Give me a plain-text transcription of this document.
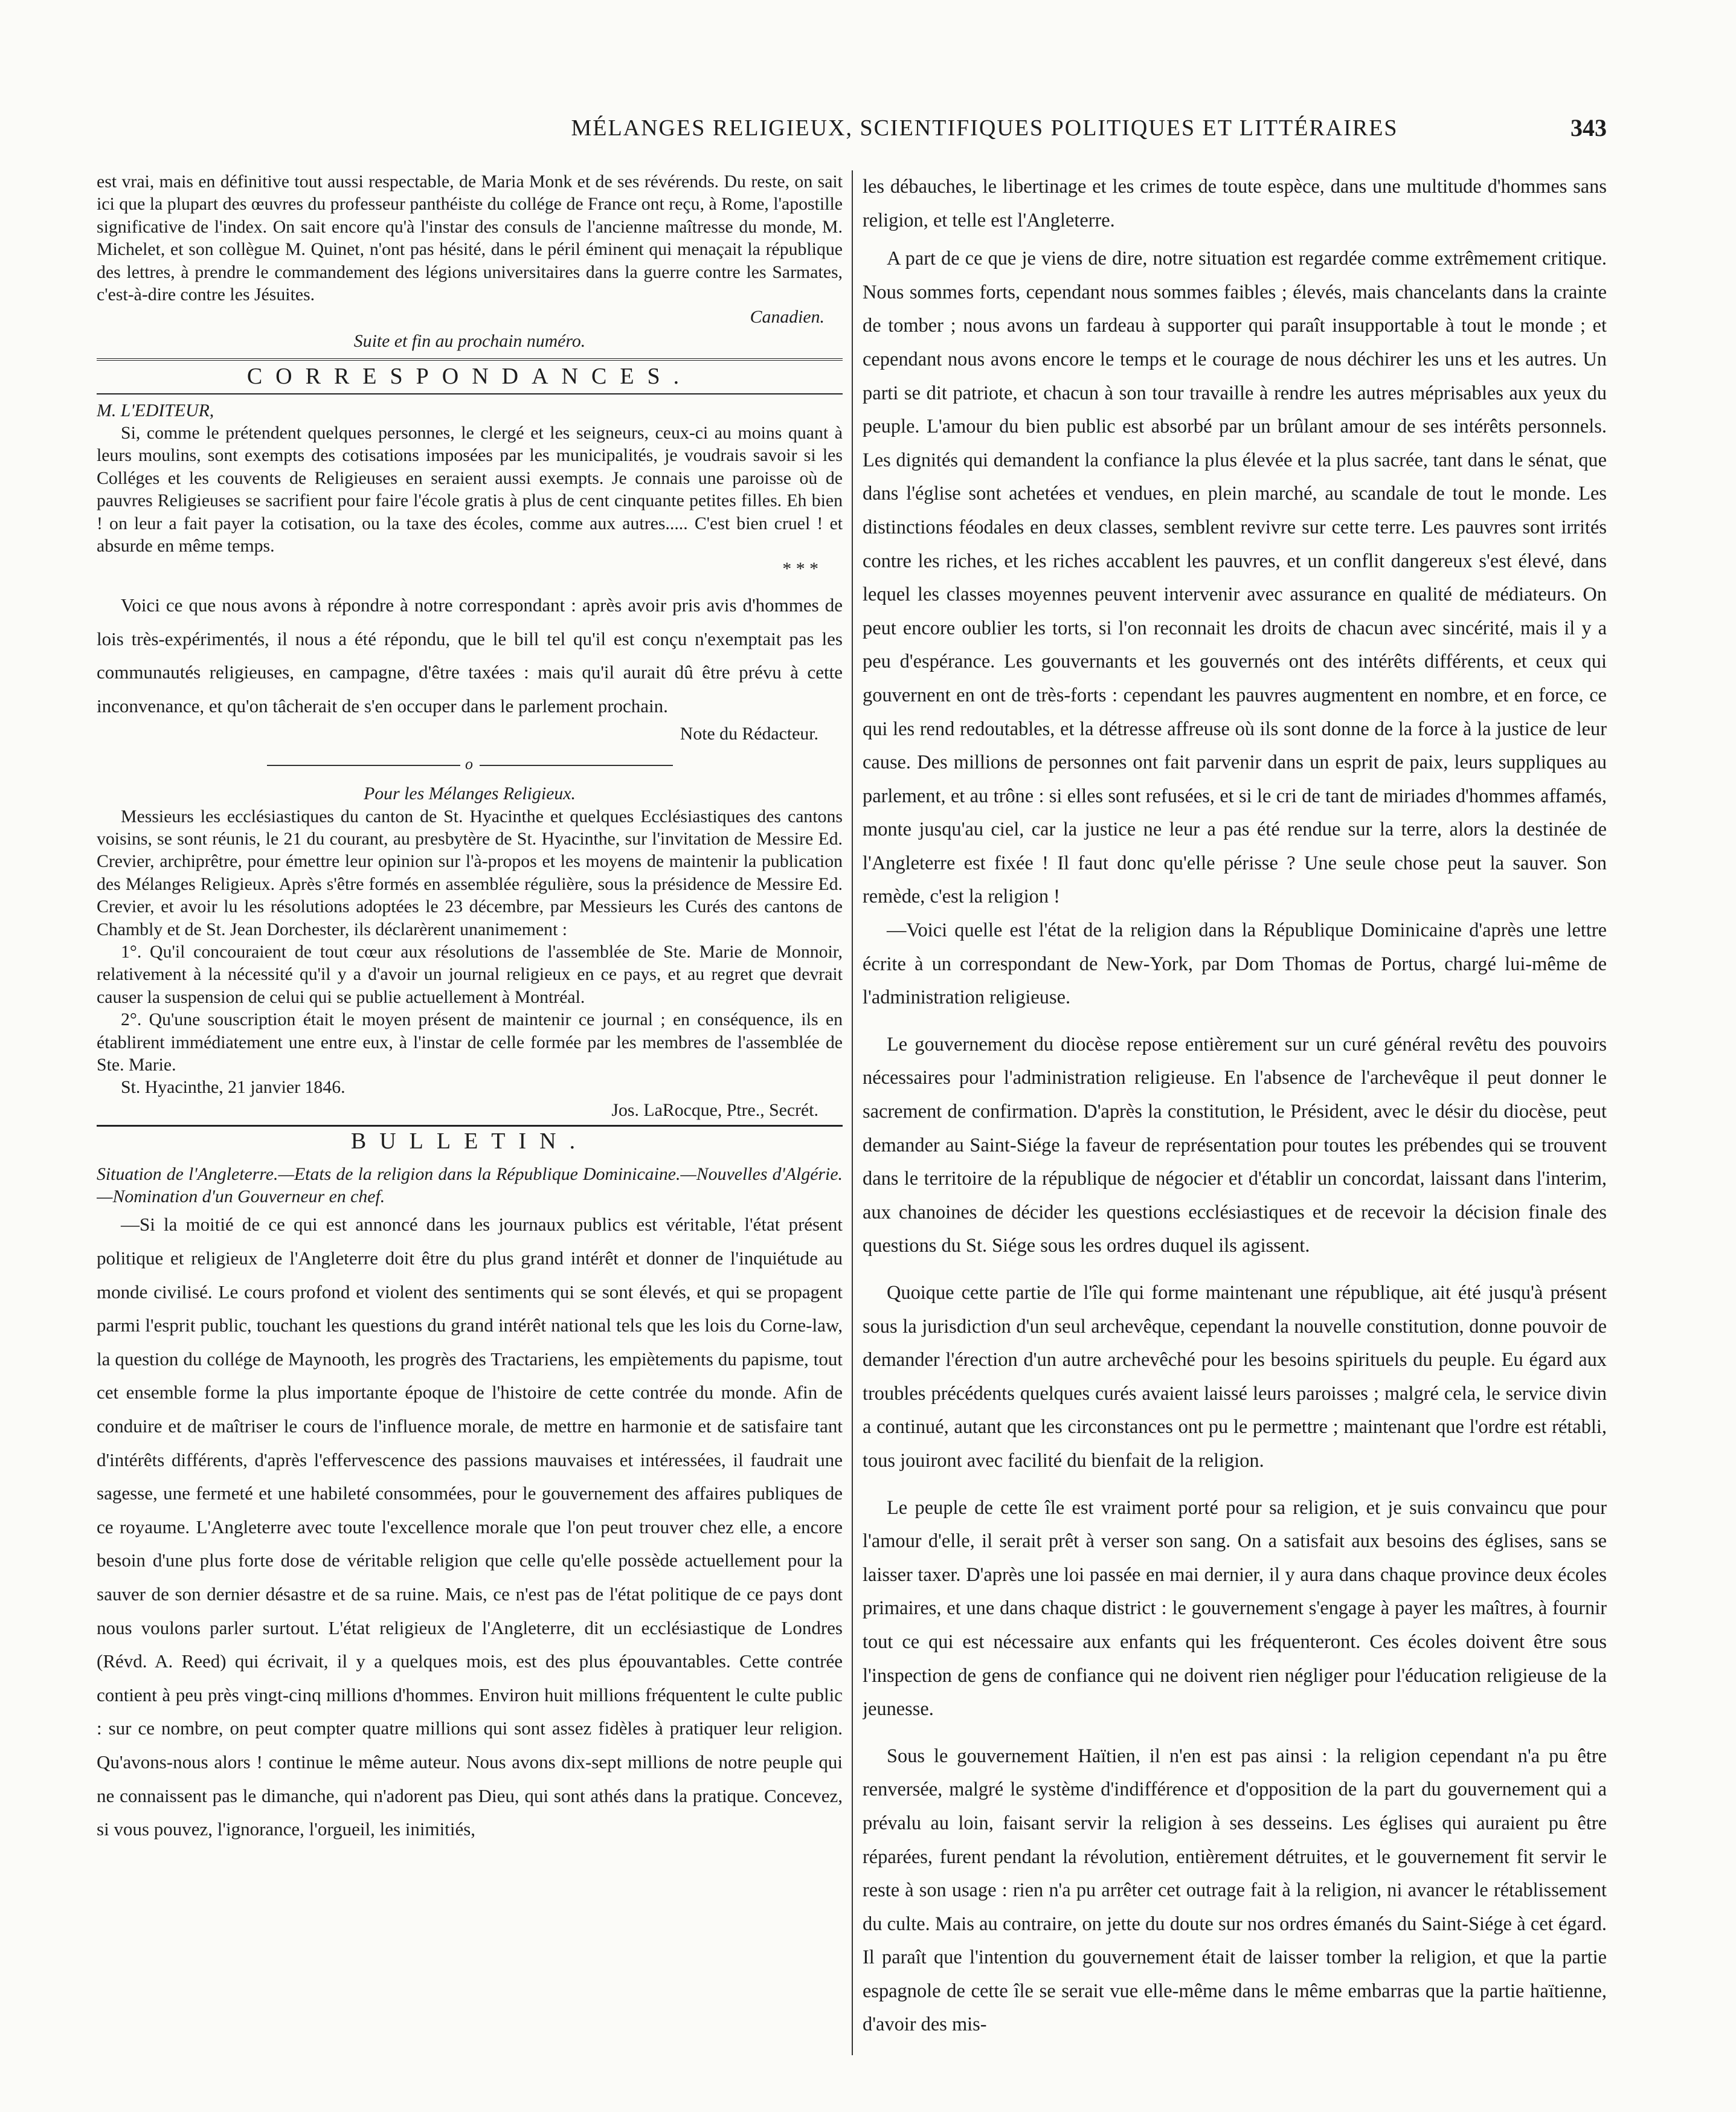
MÉLANGES RELIGIEUX, SCIENTIFIQUES POLITIQUES ET LITTÉRAIRES	343

est vrai, mais en définitive tout aussi respectable, de Maria Monk et de ses révérends. Du reste, on sait ici que la plupart des œuvres du professeur panthéiste du collége de France ont reçu, à Rome, l'apostille significative de l'index. On sait encore qu'à l'instar des consuls de l'ancienne maîtresse du monde, M. Michelet, et son collègue M. Quinet, n'ont pas hésité, dans le péril éminent qui menaçait la république des lettres, à prendre le commandement des légions universitaires dans la guerre contre les Sarmates, c'est-à-dire contre les Jésuites.

Canadien.

Suite et fin au prochain numéro.

CORRESPONDANCES.

M. L'EDITEUR,

Si, comme le prétendent quelques personnes, le clergé et les seigneurs, ceux-ci au moins quant à leurs moulins, sont exempts des cotisations imposées par les municipalités, je voudrais savoir si les Colléges et les couvents de Religieuses en seraient aussi exempts. Je connais une paroisse où de pauvres Religieuses se sacrifient pour faire l'école gratis à plus de cent cinquante petites filles. Eh bien ! on leur a fait payer la cotisation, ou la taxe des écoles, comme aux autres..... C'est bien cruel ! et absurde en même temps.

* * *

Voici ce que nous avons à répondre à notre correspondant : après avoir pris avis d'hommes de lois très-expérimentés, il nous a été répondu, que le bill tel qu'il est conçu n'exemptait pas les communautés religieuses, en campagne, d'être taxées : mais qu'il aurait dû être prévu à cette inconvenance, et qu'on tâcherait de s'en occuper dans le parlement prochain.

Note du Rédacteur.

o

Pour les Mélanges Religieux.

Messieurs les ecclésiastiques du canton de St. Hyacinthe et quelques Ecclésiastiques des cantons voisins, se sont réunis, le 21 du courant, au presbytère de St. Hyacinthe, sur l'invitation de Messire Ed. Crevier, archiprêtre, pour émettre leur opinion sur l'à-propos et les moyens de maintenir la publication des Mélanges Religieux. Après s'être formés en assemblée régulière, sous la présidence de Messire Ed. Crevier, et avoir lu les résolutions adoptées le 23 décembre, par Messieurs les Curés des cantons de Chambly et de St. Jean Dorchester, ils déclarèrent unanimement :

1°. Qu'il concouraient de tout cœur aux résolutions de l'assemblée de Ste. Marie de Monnoir, relativement à la nécessité qu'il y a d'avoir un journal religieux en ce pays, et au regret que devrait causer la suspension de celui qui se publie actuellement à Montréal.

2°. Qu'une souscription était le moyen présent de maintenir ce journal ; en conséquence, ils en établirent immédiatement une entre eux, à l'instar de celle formée par les membres de l'assemblée de Ste. Marie.

St. Hyacinthe, 21 janvier 1846.

Jos. LaRocque, Ptre., Secrét.

BULLETIN.

Situation de l'Angleterre.—Etats de la religion dans la République Dominicaine.—Nouvelles d'Algérie.—Nomination d'un Gouverneur en chef.

—Si la moitié de ce qui est annoncé dans les journaux publics est véritable, l'état présent politique et religieux de l'Angleterre doit être du plus grand intérêt et donner de l'inquiétude au monde civilisé. Le cours profond et violent des sentiments qui se sont élevés, et qui se propagent parmi l'esprit public, touchant les questions du grand intérêt national tels que les lois du Corne-law, la question du collége de Maynooth, les progrès des Tractariens, les empiètements du papisme, tout cet ensemble forme la plus importante époque de l'histoire de cette contrée du monde. Afin de conduire et de maîtriser le cours de l'influence morale, de mettre en harmonie et de satisfaire tant d'intérêts différents, d'après l'effervescence des passions mauvaises et intéressées, il faudrait une sagesse, une fermeté et une habileté consommées, pour le gouvernement des affaires publiques de ce royaume. L'Angleterre avec toute l'excellence morale que l'on peut trouver chez elle, a encore besoin d'une plus forte dose de véritable religion que celle qu'elle possède actuellement pour la sauver de son dernier désastre et de sa ruine. Mais, ce n'est pas de l'état politique de ce pays dont nous voulons parler surtout. L'état religieux de l'Angleterre, dit un ecclésiastique de Londres (Révd. A. Reed) qui écrivait, il y a quelques mois, est des plus épouvantables. Cette contrée contient à peu près vingt-cinq millions d'hommes. Environ huit millions fréquentent le culte public : sur ce nombre, on peut compter quatre millions qui sont assez fidèles à pratiquer leur religion. Qu'avons-nous alors ! continue le même auteur. Nous avons dix-sept millions de notre peuple qui ne connaissent pas le dimanche, qui n'adorent pas Dieu, qui sont athés dans la pratique. Concevez, si vous pouvez, l'ignorance, l'orgueil, les inimitiés,

les débauches, le libertinage et les crimes de toute espèce, dans une multitude d'hommes sans religion, et telle est l'Angleterre.

A part de ce que je viens de dire, notre situation est regardée comme extrêmement critique. Nous sommes forts, cependant nous sommes faibles ; élevés, mais chancelants dans la crainte de tomber ; nous avons un fardeau à supporter qui paraît insupportable à tout le monde ; et cependant nous avons encore le temps et le courage de nous déchirer les uns et les autres. Un parti se dit patriote, et chacun à son tour travaille à rendre les autres méprisables aux yeux du peuple. L'amour du bien public est absorbé par un brûlant amour de ses intérêts personnels. Les dignités qui demandent la confiance la plus élevée et la plus sacrée, tant dans le sénat, que dans l'église sont achetées et vendues, en plein marché, au scandale de tout le monde. Les distinctions féodales en deux classes, semblent revivre sur cette terre. Les pauvres sont irrités contre les riches, et les riches accablent les pauvres, et un conflit dangereux s'est élevé, dans lequel les classes moyennes peuvent intervenir avec assurance en qualité de médiateurs. On peut encore oublier les torts, si l'on reconnait les droits de chacun avec sincérité, mais il y a peu d'espérance. Les gouvernants et les gouvernés ont des intérêts différents, et ceux qui gouvernent en ont de très-forts : cependant les pauvres augmentent en nombre, et en force, ce qui les rend redoutables, et la détresse affreuse où ils sont donne de la force à la justice de leur cause. Des millions de personnes ont fait parvenir dans un esprit de paix, leurs suppliques au parlement, et au trône : si elles sont refusées, et si le cri de tant de miriades d'hommes affamés, monte jusqu'au ciel, car la justice ne leur a pas été rendue sur la terre, alors la destinée de l'Angleterre est fixée ! Il faut donc qu'elle périsse ? Une seule chose peut la sauver. Son remède, c'est la religion !

—Voici quelle est l'état de la religion dans la République Dominicaine d'après une lettre écrite à un correspondant de New-York, par Dom Thomas de Portus, chargé lui-même de l'administration religieuse.

Le gouvernement du diocèse repose entièrement sur un curé général revêtu des pouvoirs nécessaires pour l'administration religieuse. En l'absence de l'archevêque il peut donner le sacrement de confirmation. D'après la constitution, le Président, avec le désir du diocèse, peut demander au Saint-Siége la faveur de représentation pour toutes les prébendes qui se trouvent dans le territoire de la république de négocier et d'établir un concordat, laissant dans l'interim, aux chanoines de décider les questions ecclésiastiques et de recevoir la décision finale des questions du St. Siége sous les ordres duquel ils agissent.

Quoique cette partie de l'île qui forme maintenant une république, ait été jusqu'à présent sous la jurisdiction d'un seul archevêque, cependant la nouvelle constitution, donne pouvoir de demander l'érection d'un autre archevêché pour les besoins spirituels du peuple. Eu égard aux troubles précédents quelques curés avaient laissé leurs paroisses ; malgré cela, le service divin a continué, autant que les circonstances ont pu le permettre ; maintenant que l'ordre est rétabli, tous jouiront avec facilité du bienfait de la religion.

Le peuple de cette île est vraiment porté pour sa religion, et je suis convaincu que pour l'amour d'elle, il serait prêt à verser son sang. On a satisfait aux besoins des églises, sans se laisser taxer. D'après une loi passée en mai dernier, il y aura dans chaque province deux écoles primaires, et une dans chaque district : le gouvernement s'engage à payer les maîtres, à fournir tout ce qui est nécessaire aux enfants qui les fréquenteront. Ces écoles doivent être sous l'inspection de gens de confiance qui ne doivent rien négliger pour l'éducation religieuse de la jeunesse.

Sous le gouvernement Haïtien, il n'en est pas ainsi : la religion cependant n'a pu être renversée, malgré le système d'indifférence et d'opposition de la part du gouvernement qui a prévalu au loin, faisant servir la religion à ses desseins. Les églises qui auraient pu être réparées, furent pendant la révolution, entièrement détruites, et le gouvernement fit servir le reste à son usage : rien n'a pu arrêter cet outrage fait à la religion, ni avancer le rétablissement du culte. Mais au contraire, on jette du doute sur nos ordres émanés du Saint-Siége à cet égard. Il paraît que l'intention du gouvernement était de laisser tomber la religion, et que la partie espagnole de cette île se serait vue elle-même dans le même embarras que la partie haïtienne, d'avoir des mis-
